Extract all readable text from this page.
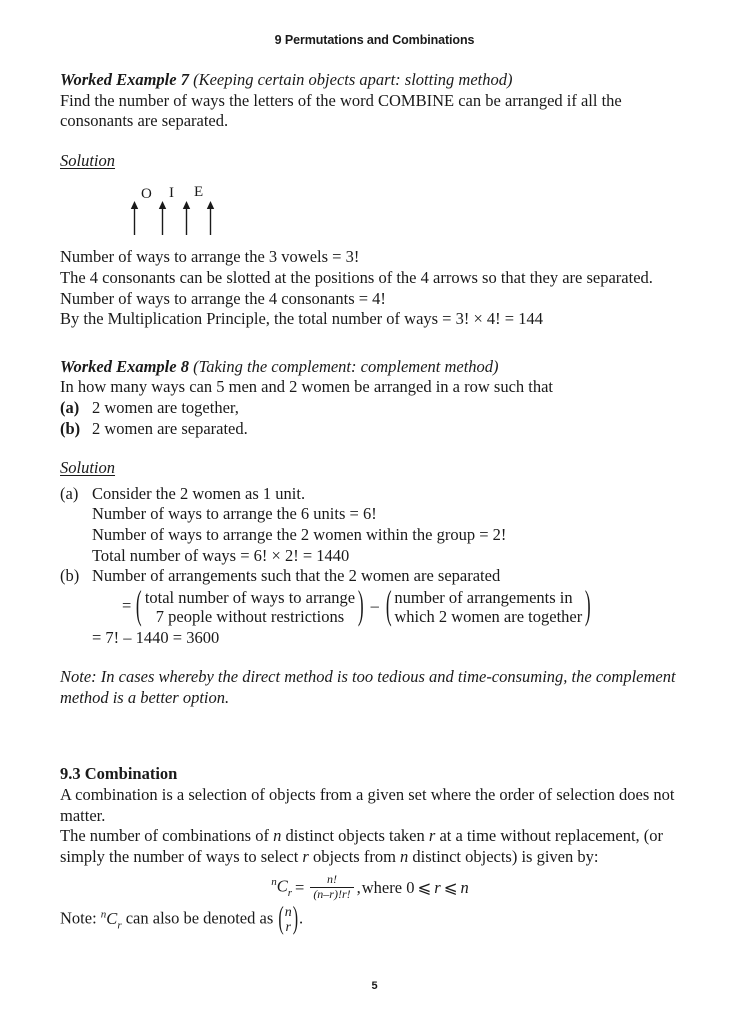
9 Permutations and Combinations
Worked Example 7 (Keeping certain objects apart: slotting method)
Find the number of ways the letters of the word COMBINE can be arranged if all the consonants are separated.
Solution
O I E
Number of ways to arrange the 3 vowels = 3!
The 4 consonants can be slotted at the positions of the 4 arrows so that they are separated.
Number of ways to arrange the 4 consonants = 4!
By the Multiplication Principle, the total number of ways = 3! × 4! = 144
Worked Example 8 (Taking the complement: complement method)
In how many ways can 5 men and 2 women be arranged in a row such that
(a) 2 women are together,
(b) 2 women are separated.
Solution
(a) Consider the 2 women as 1 unit.
Number of ways to arrange the 6 units = 6!
Number of ways to arrange the 2 women within the group = 2!
Total number of ways = 6! × 2! = 1440
(b) Number of arrangements such that the 2 women are separated
= ( total number of ways to arrange
7 people without restrictions ) – ( number of arrangements in
which 2 women are together )
= 7! – 1440 = 3600
Note: In cases whereby the direct method is too tedious and time-consuming, the complement method is a better option.
9.3 Combination
A combination is a selection of objects from a given set where the order of selection does not matter.
The number of combinations of n distinct objects taken r at a time without replacement, (or simply the number of ways to select r objects from n distinct objects) is given by:
$^nC_r = \frac{n!}{(n-r)!r!}$ , where 0 ⩽ r ⩽ n
Note: $^nC_r$ can also be denoted as ( n
r ) .
5
